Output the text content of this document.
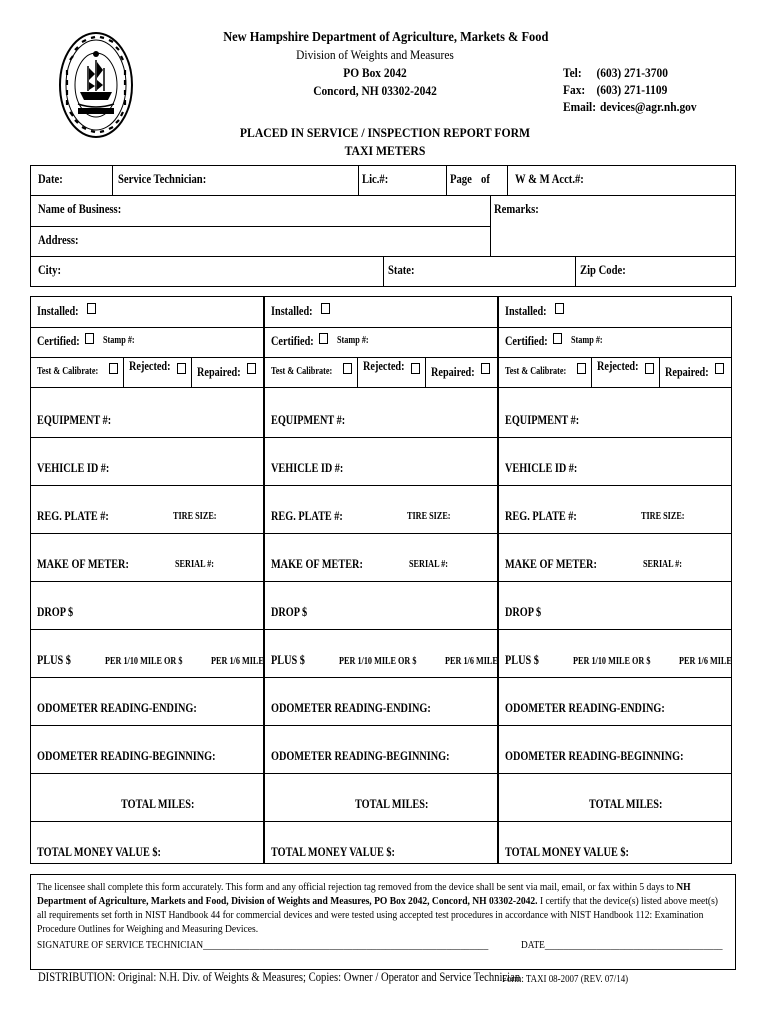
New Hampshire Department of Agriculture, Markets & Food
Division of Weights and Measures
PO Box 2042
Concord, NH 03302-2042
Tel:	(603) 271-3700
Fax: (603) 271-1109
Email: devices@agr.nh.gov
PLACED IN SERVICE / INSPECTION REPORT FORM
TAXI METERS
Date:	Service Technician:	Lic.#:	Page of W & M Acct.#:
Name of Business:	Remarks:
Address:
City:	State:	Zip Code:
Installed:
Certified: Stamp #:
Test & Calibrate: Rejected: Repaired:
EQUIPMENT #:
VEHICLE ID #:
REG. PLATE #:	TIRE SIZE:
MAKE OF METER:	SERIAL #:
DROP $
PLUS $	PER 1/10 MILE OR $	PER 1/6 MILE
ODOMETER READING-ENDING:
ODOMETER READING-BEGINNING:
TOTAL MILES:
TOTAL MONEY VALUE $:
Installed:
Certified: Stamp #:
Test & Calibrate: Rejected: Repaired:
EQUIPMENT #:
VEHICLE ID #:
REG. PLATE #:	TIRE SIZE:
MAKE OF METER:	SERIAL #:
DROP $
PLUS $	PER 1/10 MILE OR $	PER 1/6 MILE
ODOMETER READING-ENDING:
ODOMETER READING-BEGINNING:
TOTAL MILES:
TOTAL MONEY VALUE $:
Installed:
Certified: Stamp #:
Test & Calibrate: Rejected: Repaired:
EQUIPMENT #:
VEHICLE ID #:
REG. PLATE #:	TIRE SIZE:
MAKE OF METER:	SERIAL #:
DROP $
PLUS $	PER 1/10 MILE OR $	PER 1/6 MILE
ODOMETER READING-ENDING:
ODOMETER READING-BEGINNING:
TOTAL MILES:
TOTAL MONEY VALUE $:

The licensee shall complete this form accurately. This form and any official rejection tag removed from the device shall be sent via mail, email, or fax within 5 days to NH Department of Agriculture, Markets and Food, Division of Weights and Measures, PO Box 2042, Concord, NH 03302-2042. I certify that the device(s) listed above meet(s) all requirements set forth in NIST Handbook 44 for commercial devices and were tested using accepted test procedures in accordance with NIST Handbook 112: Examination Procedure Outlines for Weighing and Measuring Devices.

SIGNATURE OF SERVICE TECHNICIAN_____________________________________________________________	DATE______________________________________
DISTRIBUTION: Original: N.H. Div. of Weights & Measures; Copies: Owner / Operator and Service Technician
Form: TAXI 08-2007 (REV. 07/14)
